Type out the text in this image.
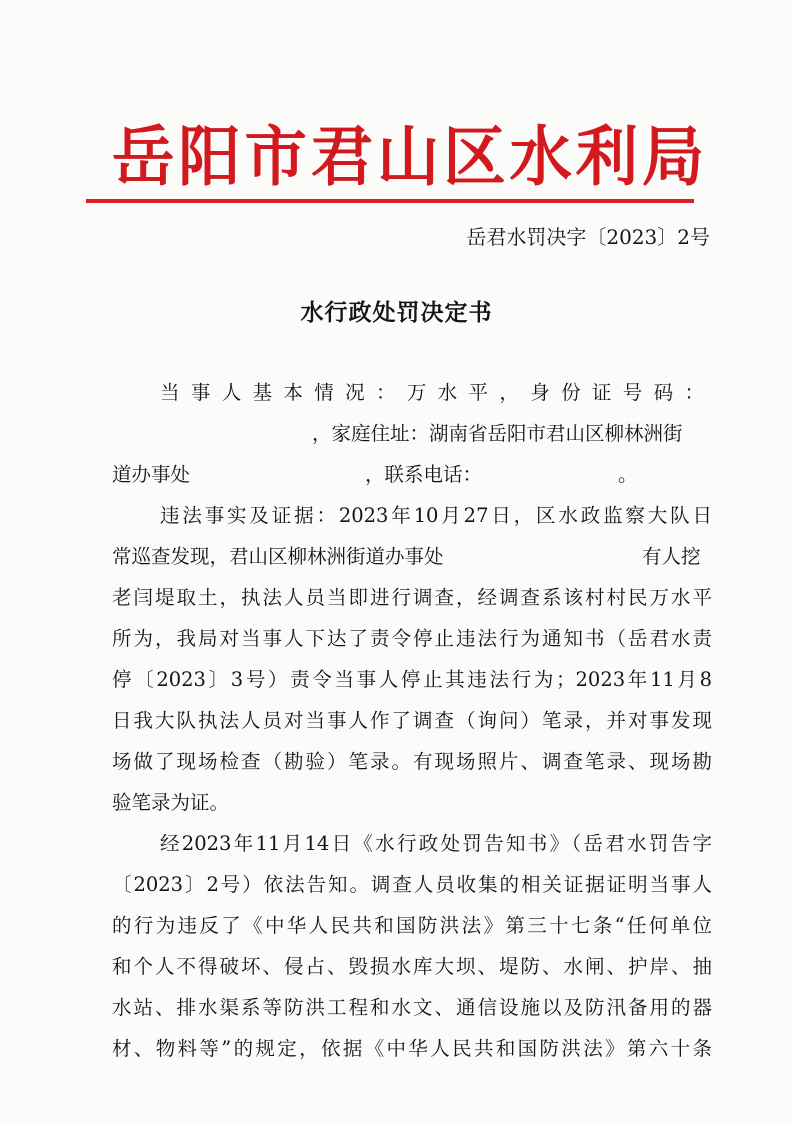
岳阳市君山区水利局
岳君水罚决字〔2023〕2号
水行政处罚决定书
当事人基本情况：万水平，身份证号码：
，家庭住址：湖南省岳阳市君山区柳林洲街
道办事处	，联系电话：	。
违法事实及证据：2023年10月27日，区水政监察大队日
常巡查发现，君山区柳林洲街道办事处	有人挖
老闫堤取土，执法人员当即进行调查，经调查系该村村民万水平
所为，我局对当事人下达了责令停止违法行为通知书（岳君水责
停〔2023〕3号）责令当事人停止其违法行为；2023年11月8
日我大队执法人员对当事人作了调查（询问）笔录，并对事发现
场做了现场检查（勘验）笔录。有现场照片、调查笔录、现场勘
验笔录为证。
经2023年11月14日《水行政处罚告知书》（岳君水罚告字
〔2023〕2号）依法告知。调查人员收集的相关证据证明当事人
的行为违反了《中华人民共和国防洪法》第三十七条“任何单位
和个人不得破坏、侵占、毁损水库大坝、堤防、水闸、护岸、抽
水站、排水渠系等防洪工程和水文、通信设施以及防汛备用的器
材、物料等”的规定，依据《中华人民共和国防洪法》第六十条
